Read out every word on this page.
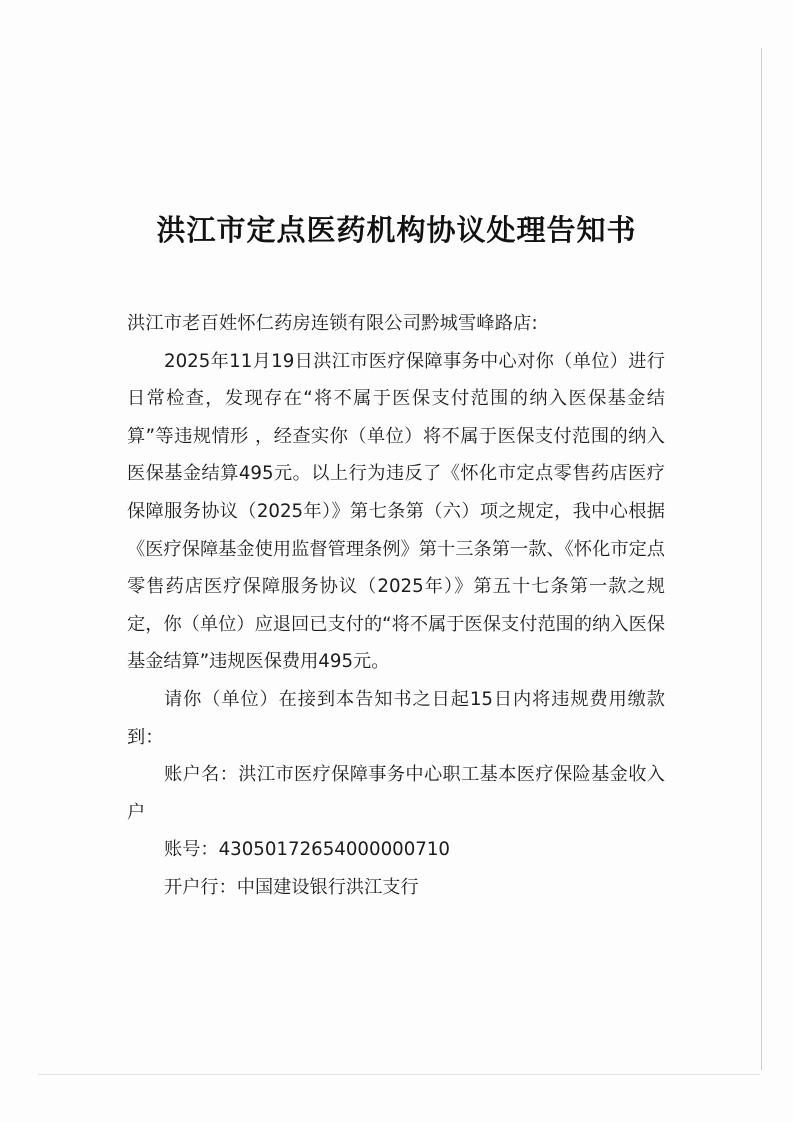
洪江市定点医药机构协议处理告知书

洪江市老百姓怀仁药房连锁有限公司黔城雪峰路店:

2025年11月19日洪江市医疗保障事务中心对你（单位）进行日常检查，发现存在“将不属于医保支付范围的纳入医保基金结算”等违规情形 ，经查实你（单位）将不属于医保支付范围的纳入医保基金结算495元。以上行为违反了《怀化市定点零售药店医疗保障服务协议（2025年）》第七条第（六）项之规定，我中心根据《医疗保障基金使用监督管理条例》第十三条第一款、《怀化市定点零售药店医疗保障服务协议（2025年）》第五十七条第一款之规定，你（单位）应退回已支付的“将不属于医保支付范围的纳入医保基金结算”违规医保费用495元。

请你（单位）在接到本告知书之日起15日内将违规费用缴款到：

账户名：洪江市医疗保障事务中心职工基本医疗保险基金收入户

账号：43050172654000000710

开户行：中国建设银行洪江支行
